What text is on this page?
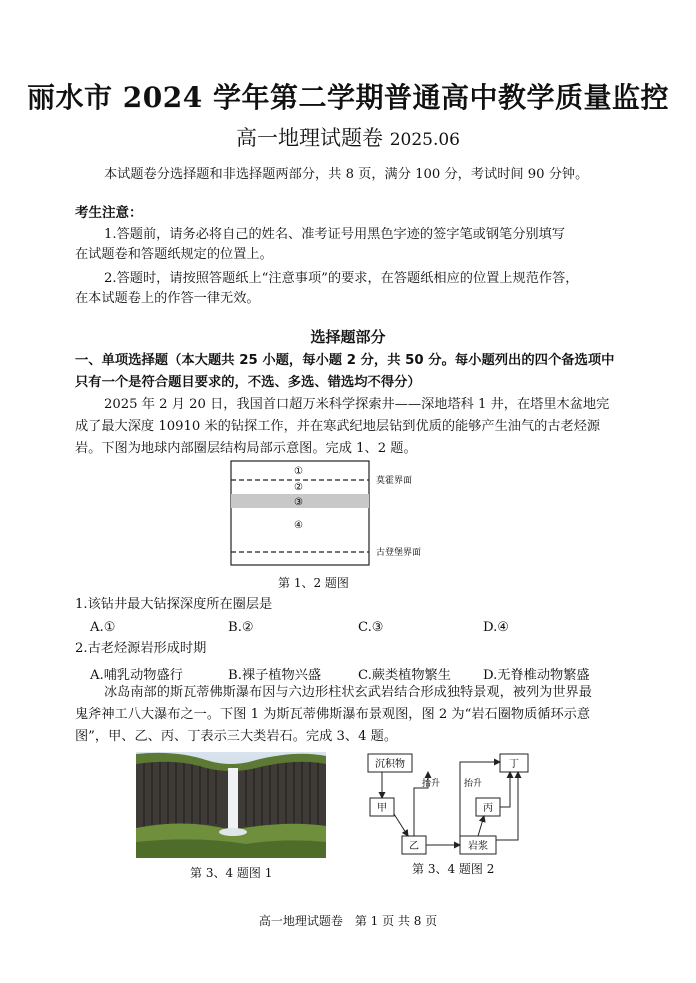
丽水市 2024 学年第二学期普通高中教学质量监控
高一地理试题卷 2025.06
本试题卷分选择题和非选择题两部分，共 8 页，满分 100 分，考试时间 90 分钟。
考生注意：
1.答题前，请务必将自己的姓名、准考证号用黑色字迹的签字笔或钢笔分别填写
在试题卷和答题纸规定的位置上。
2.答题时，请按照答题纸上“注意事项”的要求，在答题纸相应的位置上规范作答，
在本试题卷上的作答一律无效。
选择题部分
一、单项选择题（本大题共 25 小题，每小题 2 分，共 50 分。每小题列出的四个备选项中
只有一个是符合题目要求的，不选、多选、错选均不得分）
2025 年 2 月 20 日，我国首口超万米科学探索井——深地塔科 1 井，在塔里木盆地完
成了最大深度 10910 米的钻探工作，并在寒武纪地层钻到优质的能够产生油气的古老烃源
岩。下图为地球内部圈层结构局部示意图。完成 1、2 题。
①
②
③
④
莫霍界面
古登堡界面
第 1、2 题图
1.该钻井最大钻探深度所在圈层是
A.①	B.②	C.③	D.④
2.古老烃源岩形成时期
A.哺乳动物盛行	B.裸子植物兴盛	C.蕨类植物繁生 D.无脊椎动物繁盛
冰岛南部的斯瓦蒂佛斯瀑布因与六边形柱状玄武岩结合形成独特景观，被列为世界最
鬼斧神工八大瀑布之一。下图 1 为斯瓦蒂佛斯瀑布景观图，图 2 为“岩石圈物质循环示意
图”，甲、乙、丙、丁表示三大类岩石。完成 3、4 题。
第 3、4 题图 1
沉积物	丁
甲	丙
乙	岩浆
抬升	抬升
第 3、4 题图 2
高一地理试题卷　第 1 页 共 8 页
